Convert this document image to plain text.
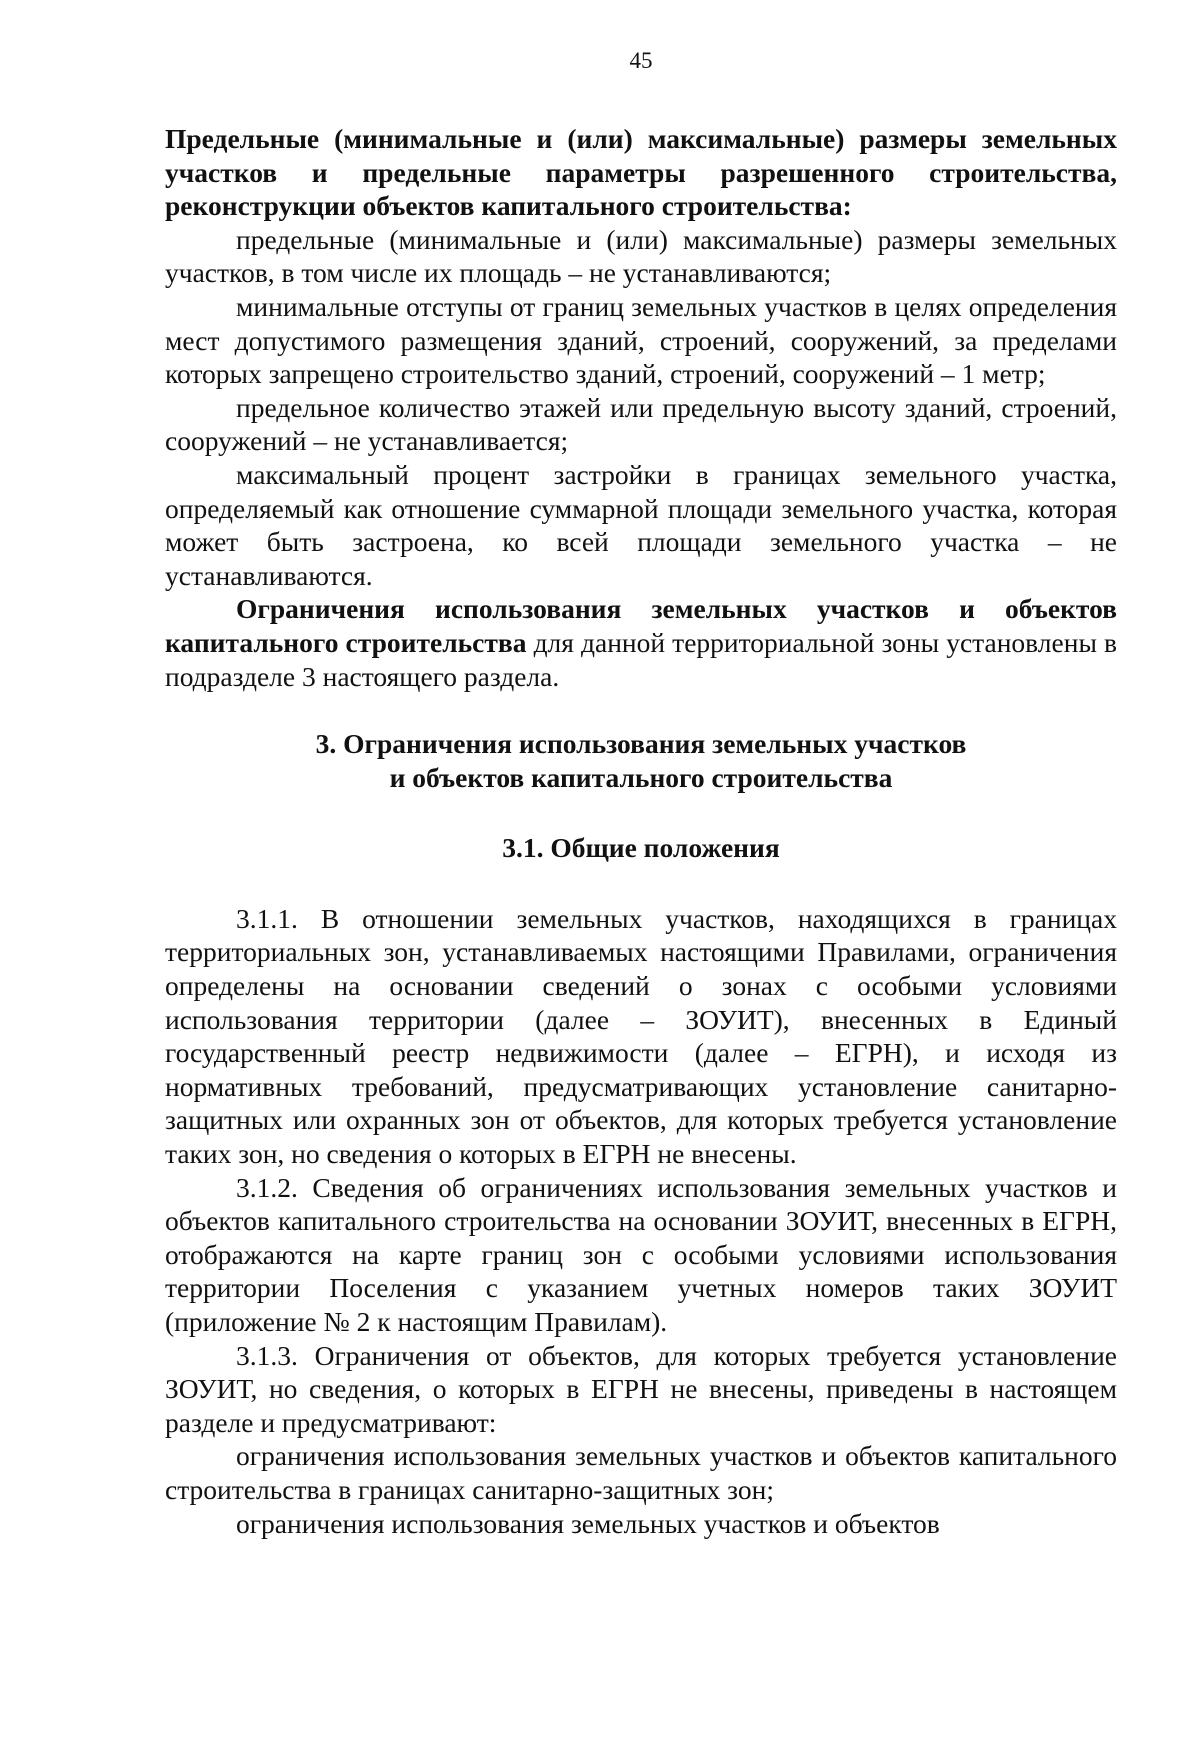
45

Предельные (минимальные и (или) максимальные) размеры земельных участков и предельные параметры разрешенного строительства, реконструкции объектов капитального строительства:

предельные (минимальные и (или) максимальные) размеры земельных участков, в том числе их площадь – не устанавливаются;

минимальные отступы от границ земельных участков в целях определения мест допустимого размещения зданий, строений, сооружений, за пределами которых запрещено строительство зданий, строений, сооружений – 1 метр;

предельное количество этажей или предельную высоту зданий, строений, сооружений – не устанавливается;

максимальный процент застройки в границах земельного участка, определяемый как отношение суммарной площади земельного участка, которая может быть застроена, ко всей площади земельного участка – не устанавливаются.

Ограничения использования земельных участков и объектов капитального строительства для данной территориальной зоны установлены в подразделе 3 настоящего раздела.

3. Ограничения использования земельных участков
и объектов капитального строительства
3.1. Общие положения

3.1.1. В отношении земельных участков, находящихся в границах территориальных зон, устанавливаемых настоящими Правилами, ограничения определены на основании сведений о зонах с особыми условиями использования территории (далее – ЗОУИТ), внесенных в Единый государственный реестр недвижимости (далее – ЕГРН), и исходя из нормативных требований, предусматривающих установление санитарно-защитных или охранных зон от объектов, для которых требуется установление таких зон, но сведения о которых в ЕГРН не внесены.

3.1.2. Сведения об ограничениях использования земельных участков и объектов капитального строительства на основании ЗОУИТ, внесенных в ЕГРН, отображаются на карте границ зон с особыми условиями использования территории Поселения с указанием учетных номеров таких ЗОУИТ (приложение № 2 к настоящим Правилам).

3.1.3. Ограничения от объектов, для которых требуется установление ЗОУИТ, но сведения, о которых в ЕГРН не внесены, приведены в настоящем разделе и предусматривают:

ограничения использования земельных участков и объектов капитального строительства в границах санитарно-защитных зон;

ограничения использования земельных участков и объектов
